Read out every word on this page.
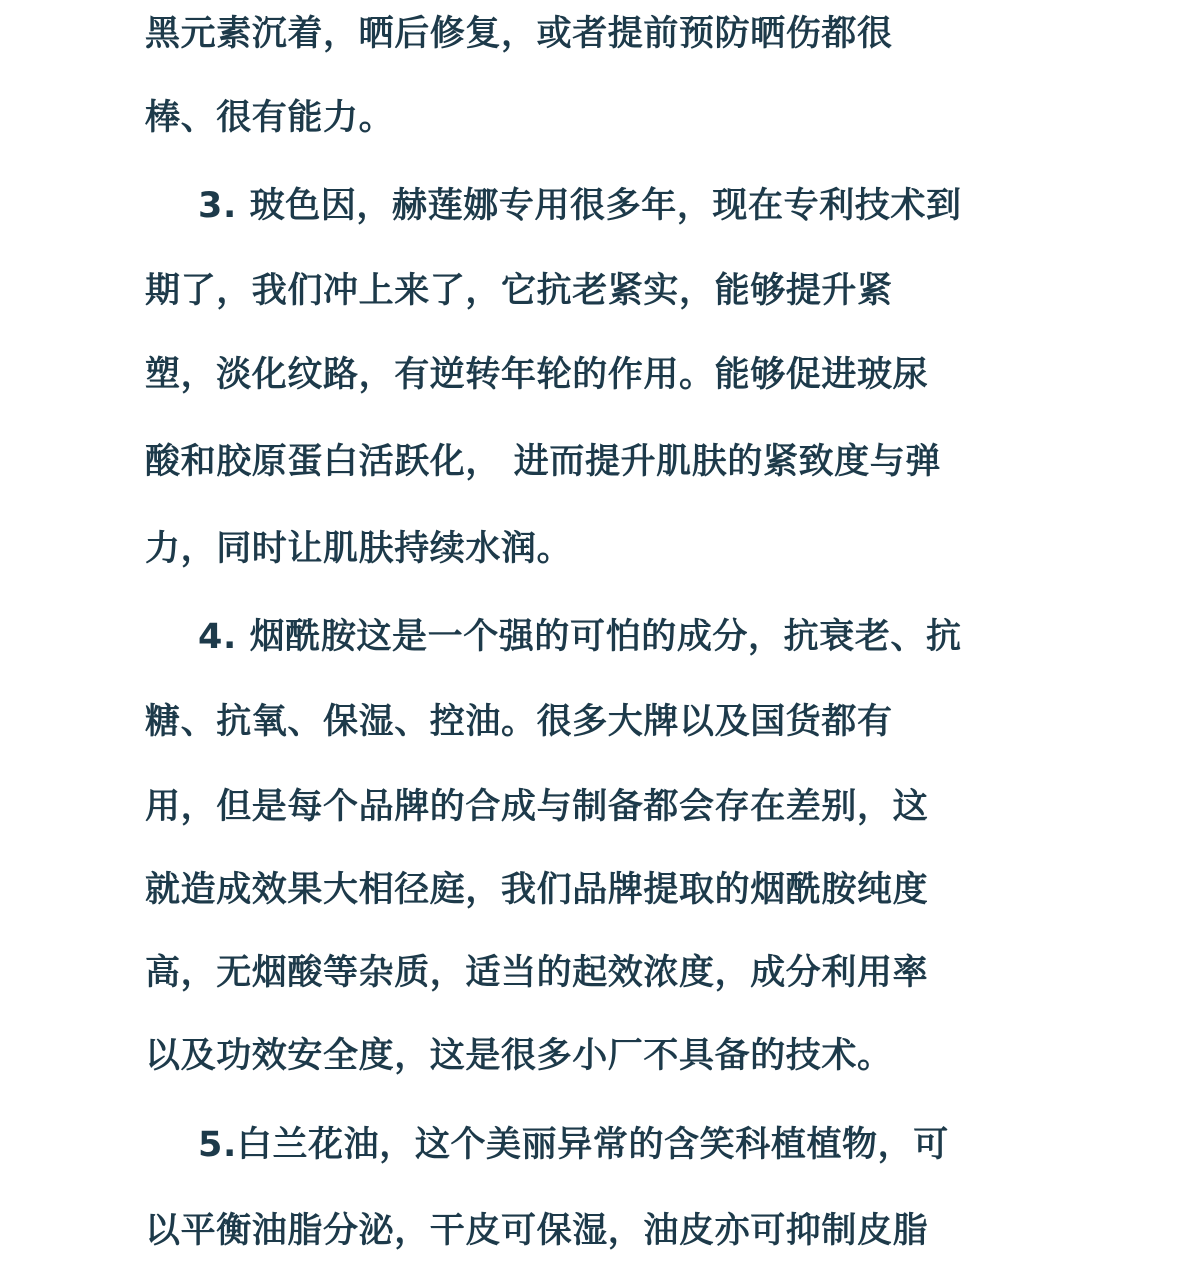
黑元素沉着，晒后修复，或者提前预防晒伤都很
棒、很有能力。
3. 玻色因，赫莲娜专用很多年，现在专利技术到
期了，我们冲上来了，它抗老紧实，能够提升紧
塑，淡化纹路，有逆转年轮的作用。能够促进玻尿
酸和胶原蛋白活跃化， 进而提升肌肤的紧致度与弹
力，同时让肌肤持续水润。
4. 烟酰胺这是一个强的可怕的成分，抗衰老、抗
糖、抗氧、保湿、控油。很多大牌以及国货都有
用，但是每个品牌的合成与制备都会存在差别，这
就造成效果大相径庭，我们品牌提取的烟酰胺纯度
高，无烟酸等杂质，适当的起效浓度，成分利用率
以及功效安全度，这是很多小厂不具备的技术。
5.白兰花油，这个美丽异常的含笑科植植物，可
以平衡油脂分泌，干皮可保湿，油皮亦可抑制皮脂
